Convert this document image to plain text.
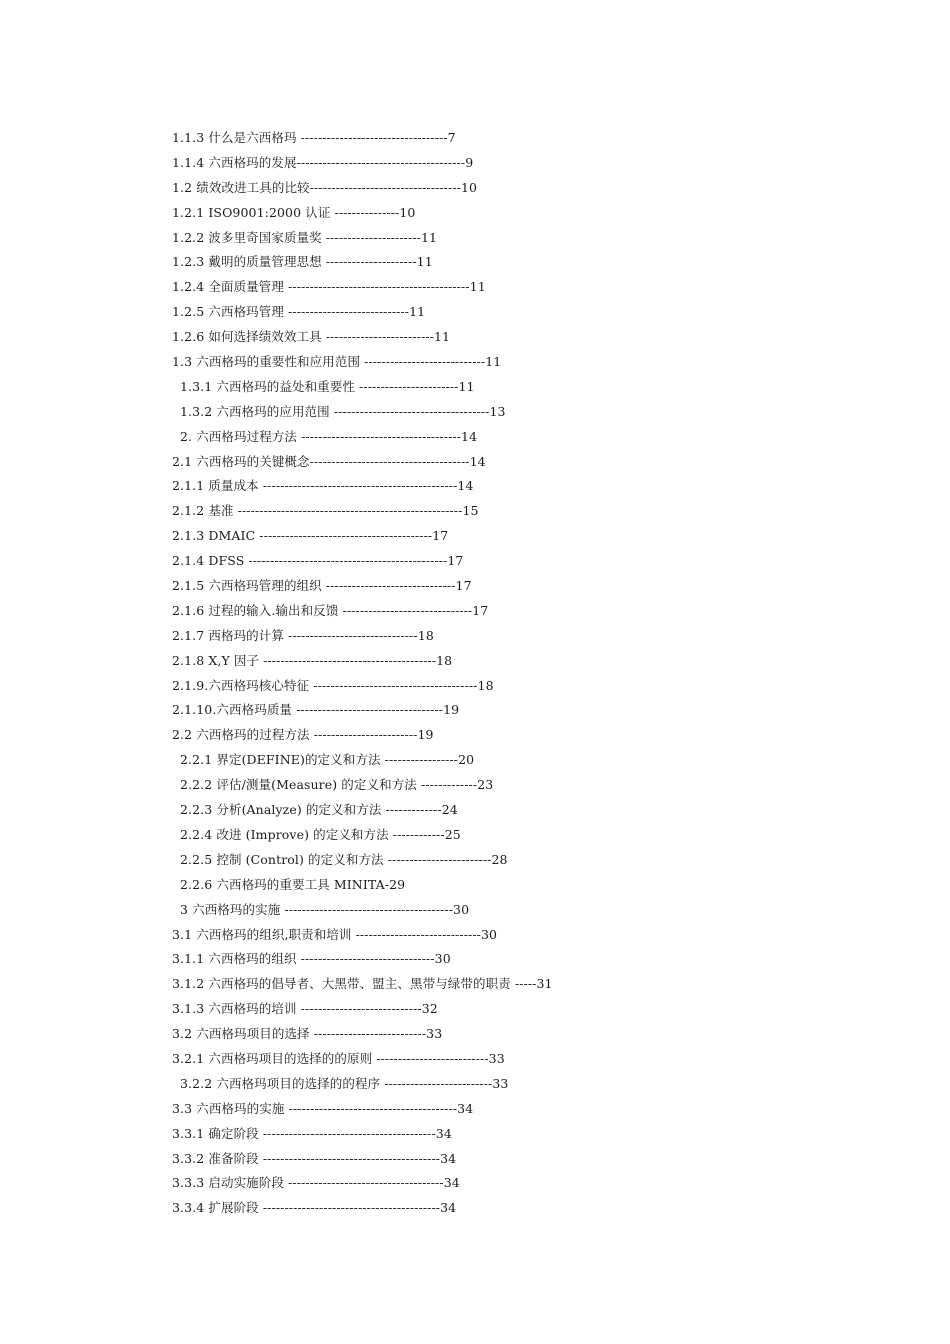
1.1.3 什么是六西格玛 ----------------------------------7
1.1.4 六西格玛的发展---------------------------------------9
1.2 绩效改进工具的比较-----------------------------------10
1.2.1 ISO9001:2000 认证 ---------------10
1.2.2 波多里奇国家质量奖 ----------------------11
1.2.3 戴明的质量管理思想 ---------------------11
1.2.4 全面质量管理 ------------------------------------------11
1.2.5 六西格玛管理 ----------------------------11
1.2.6 如何选择绩效效工具 -------------------------11
1.3 六西格玛的重要性和应用范围 ----------------------------11
1.3.1 六西格玛的益处和重要性 -----------------------11
1.3.2 六西格玛的应用范围 ------------------------------------13
2. 六西格玛过程方法 -------------------------------------14
2.1 六西格玛的关键概念-------------------------------------14
2.1.1 质量成本 ---------------------------------------------14
2.1.2 基准 ----------------------------------------------------15
2.1.3 DMAIC ----------------------------------------17
2.1.4 DFSS ----------------------------------------------17
2.1.5 六西格玛管理的组织 ------------------------------17
2.1.6 过程的输入.输出和反馈 ------------------------------17
2.1.7 西格玛的计算 ------------------------------18
2.1.8 X,Y 因子 ----------------------------------------18
2.1.9.六西格玛核心特征 --------------------------------------18
2.1.10.六西格玛质量 ----------------------------------19
2.2 六西格玛的过程方法 ------------------------19
2.2.1 界定(DEFINE)的定义和方法 -----------------20
2.2.2 评估/测量(Measure) 的定义和方法 -------------23
2.2.3 分析(Analyze) 的定义和方法 -------------24
2.2.4 改进 (Improve) 的定义和方法 ------------25
2.2.5 控制 (Control) 的定义和方法 ------------------------28
2.2.6 六西格玛的重要工具 MINITA-29
3 六西格玛的实施 ---------------------------------------30
3.1 六西格玛的组织,职责和培训 -----------------------------30
3.1.1 六西格玛的组织 -------------------------------30
3.1.2 六西格玛的倡导者、大黑带、盟主、黑带与绿带的职责 -----31
3.1.3 六西格玛的培训 ----------------------------32
3.2 六西格玛项目的选择 --------------------------33
3.2.1 六西格玛项目的选择的的原则 --------------------------33
3.2.2 六西格玛项目的选择的的程序 -------------------------33
3.3 六西格玛的实施 ---------------------------------------34
3.3.1 确定阶段 ----------------------------------------34
3.3.2 准备阶段 -----------------------------------------34
3.3.3 启动实施阶段 ------------------------------------34
3.3.4 扩展阶段 -----------------------------------------34
